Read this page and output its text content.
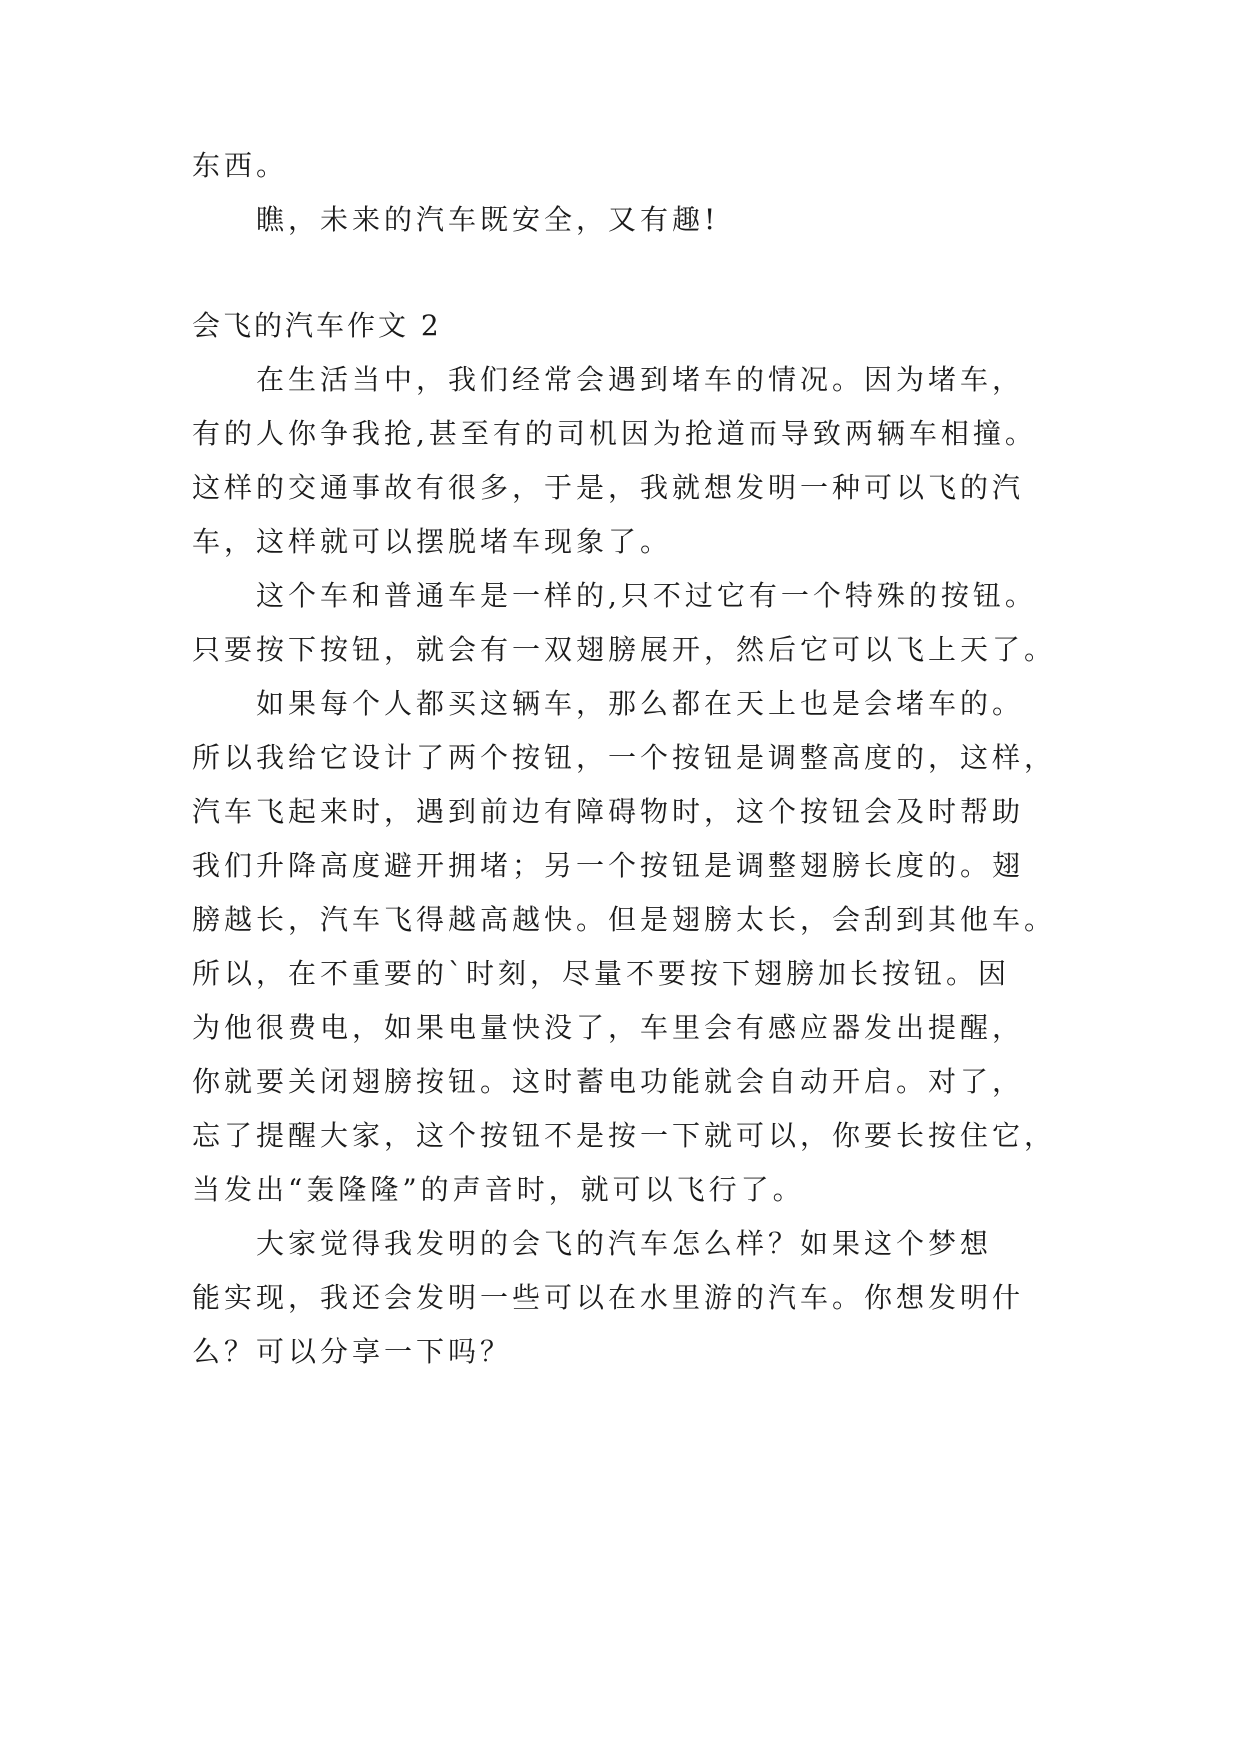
东西。
瞧，未来的汽车既安全，又有趣!
会飞的汽车作文 2
在生活当中，我们经常会遇到堵车的情况。因为堵车，
有的人你争我抢,甚至有的司机因为抢道而导致两辆车相撞。
这样的交通事故有很多，于是，我就想发明一种可以飞的汽
车，这样就可以摆脱堵车现象了。
这个车和普通车是一样的,只不过它有一个特殊的按钮。
只要按下按钮，就会有一双翅膀展开，然后它可以飞上天了。
如果每个人都买这辆车，那么都在天上也是会堵车的。
所以我给它设计了两个按钮，一个按钮是调整高度的，这样，
汽车飞起来时，遇到前边有障碍物时，这个按钮会及时帮助
我们升降高度避开拥堵；另一个按钮是调整翅膀长度的。翅
膀越长，汽车飞得越高越快。但是翅膀太长，会刮到其他车。
所以，在不重要的`时刻，尽量不要按下翅膀加长按钮。因
为他很费电，如果电量快没了，车里会有感应器发出提醒，
你就要关闭翅膀按钮。这时蓄电功能就会自动开启。对了，
忘了提醒大家，这个按钮不是按一下就可以，你要长按住它，
当发出“轰隆隆”的声音时，就可以飞行了。
大家觉得我发明的会飞的汽车怎么样？如果这个梦想
能实现，我还会发明一些可以在水里游的汽车。你想发明什
么？可以分享一下吗？
